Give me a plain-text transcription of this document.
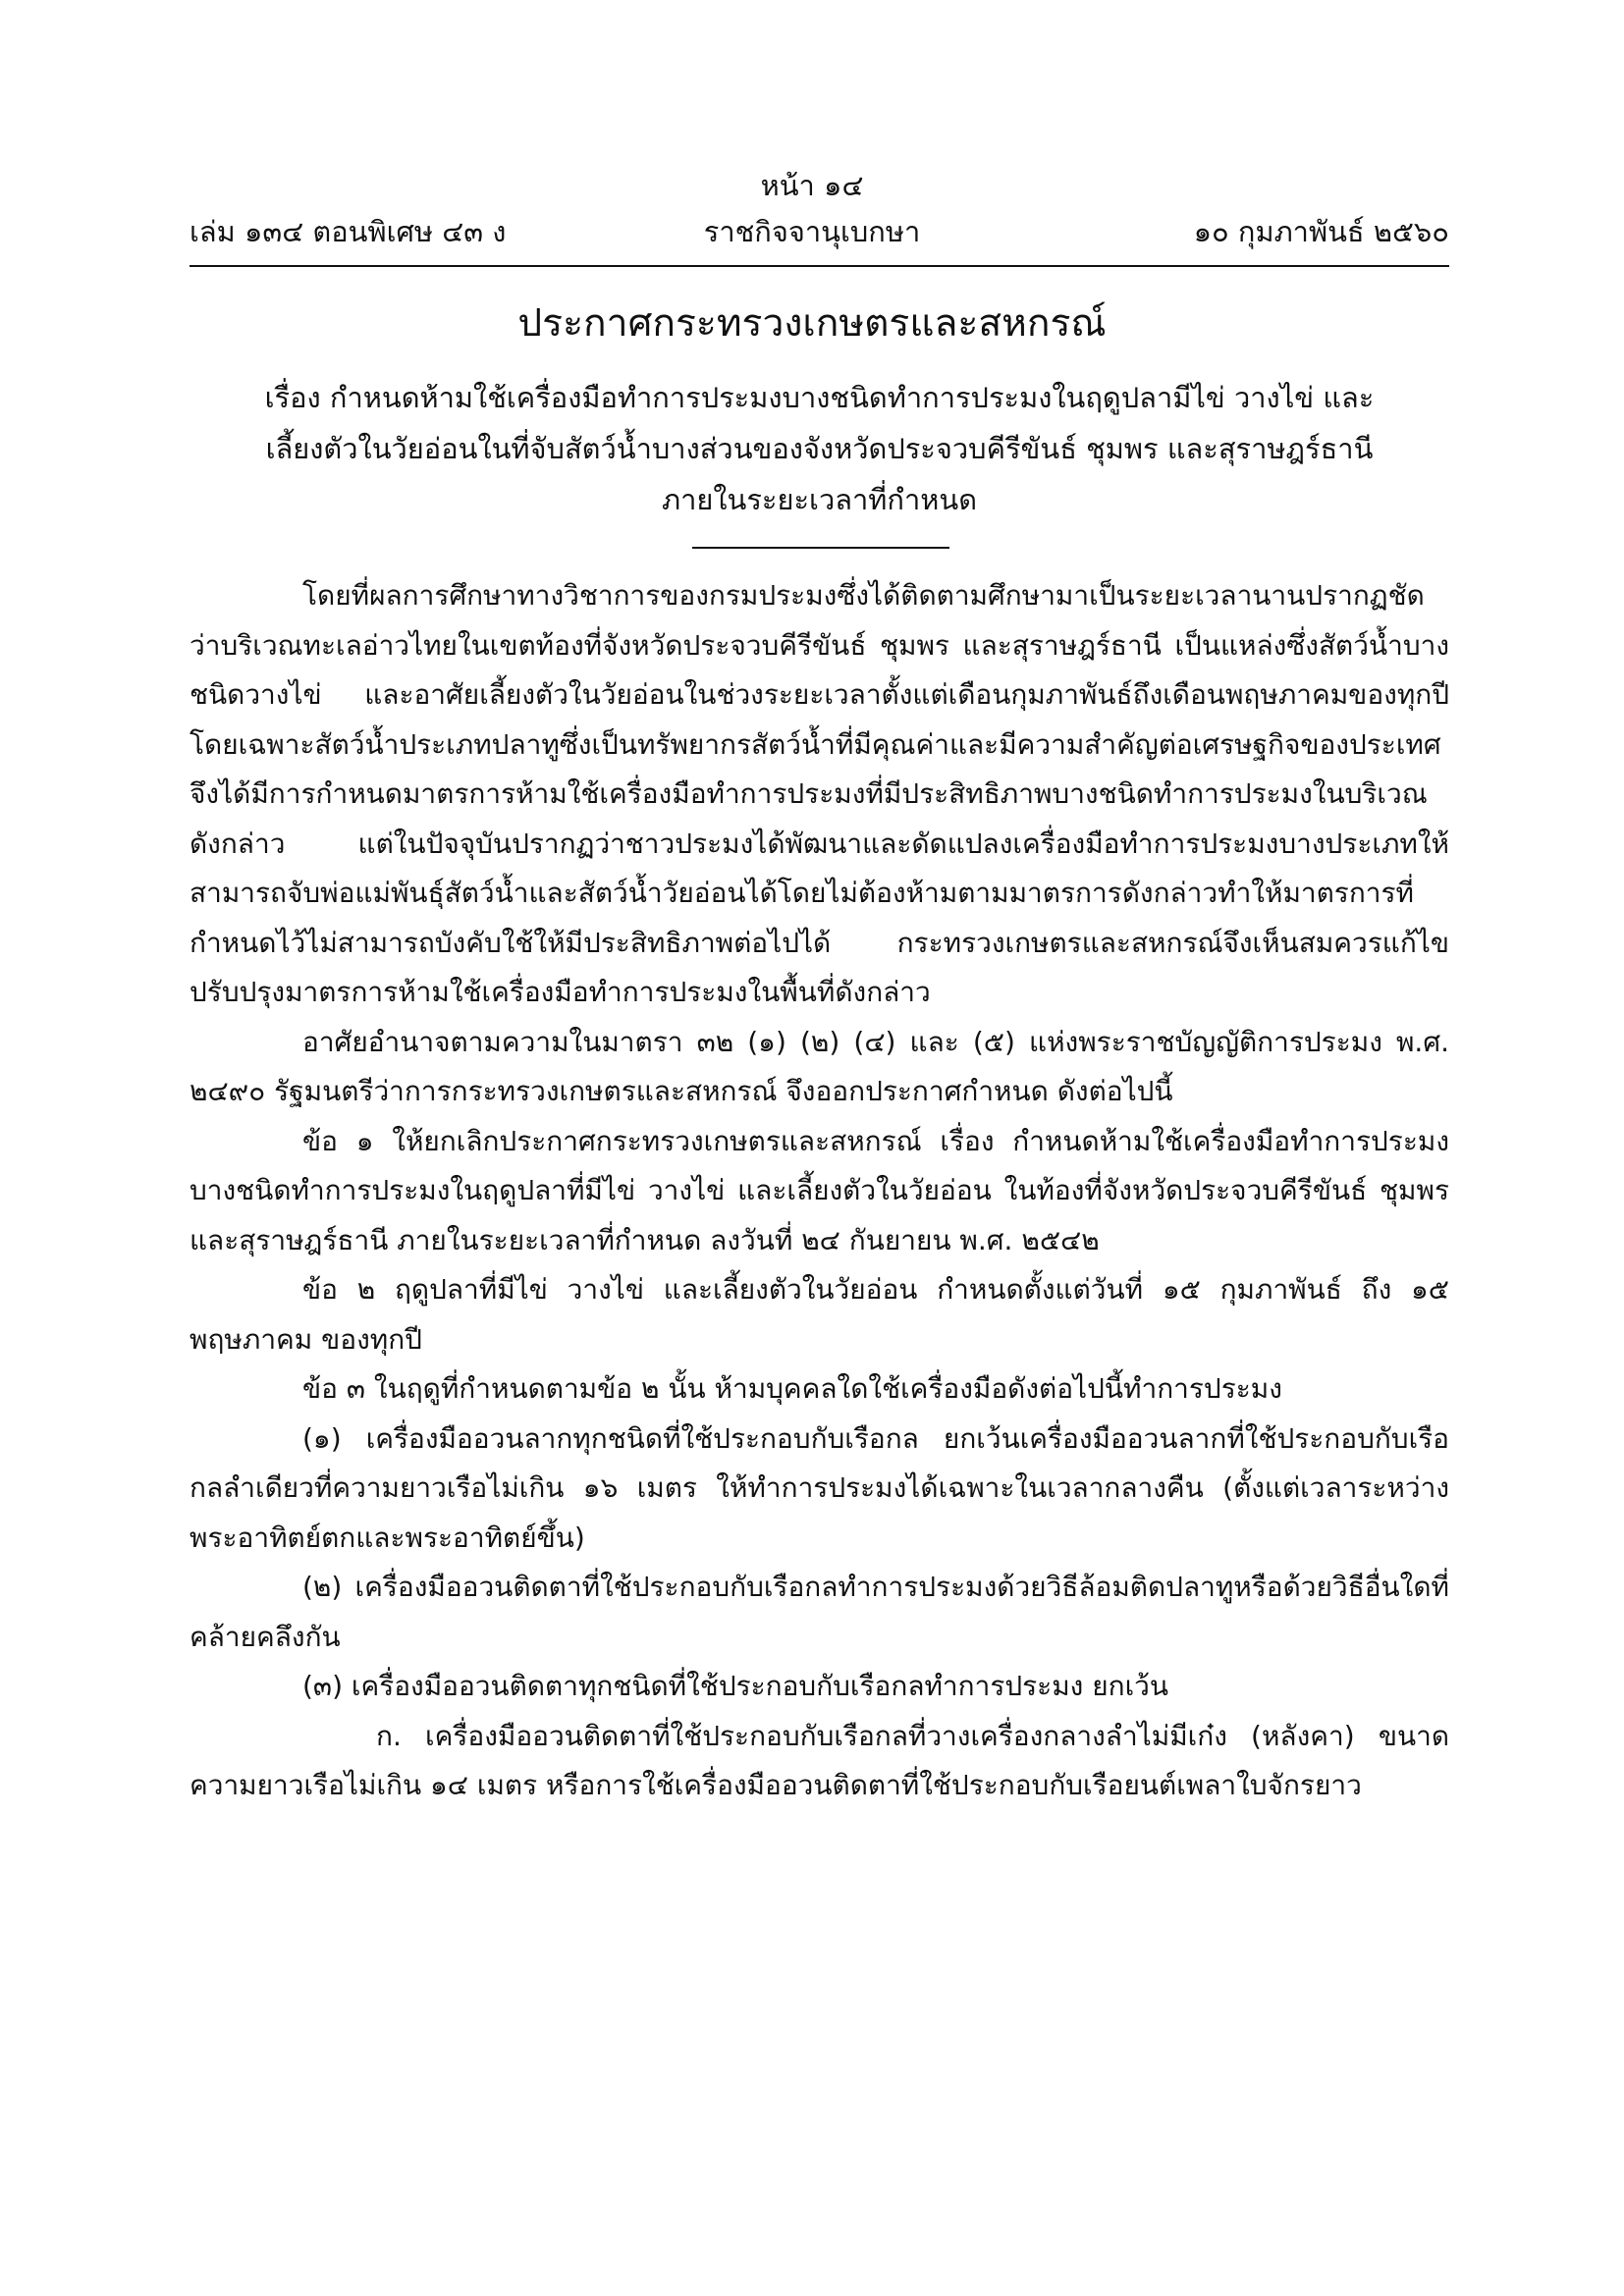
หน้า ๑๔
เล่ม ๑๓๔ ตอนพิเศษ ๔๓ ง	ราชกิจจานุเบกษา	๑๐ กุมภาพันธ์ ๒๕๖๐
ประกาศกระทรวงเกษตรและสหกรณ์
เรื่อง กำหนดห้ามใช้เครื่องมือทำการประมงบางชนิดทำการประมงในฤดูปลามีไข่ วางไข่ และ
เลี้ยงตัวในวัยอ่อนในที่จับสัตว์น้ำบางส่วนของจังหวัดประจวบคีรีขันธ์ ชุมพร และสุราษฎร์ธานี
ภายในระยะเวลาที่กำหนด

โดยที่ผลการศึกษาทางวิชาการของกรมประมงซึ่งได้ติดตามศึกษามาเป็นระยะเวลานานปรากฏชัดว่าบริเวณทะเลอ่าวไทยในเขตท้องที่จังหวัดประจวบคีรีขันธ์ ชุมพร และสุราษฎร์ธานี เป็นแหล่งซึ่งสัตว์น้ำบางชนิดวางไข่ และอาศัยเลี้ยงตัวในวัยอ่อนในช่วงระยะเวลาตั้งแต่เดือนกุมภาพันธ์ถึงเดือนพฤษภาคมของทุกปี โดยเฉพาะสัตว์น้ำประเภทปลาทูซึ่งเป็นทรัพยากรสัตว์น้ำที่มีคุณค่าและมีความสำคัญต่อเศรษฐกิจของประเทศ จึงได้มีการกำหนดมาตรการห้ามใช้เครื่องมือทำการประมงที่มีประสิทธิภาพบางชนิดทำการประมงในบริเวณดังกล่าว แต่ในปัจจุบันปรากฏว่าชาวประมงได้พัฒนาและดัดแปลงเครื่องมือทำการประมงบางประเภทให้สามารถจับพ่อแม่พันธุ์สัตว์น้ำและสัตว์น้ำวัยอ่อนได้โดยไม่ต้องห้ามตามมาตรการดังกล่าวทำให้มาตรการที่กำหนดไว้ไม่สามารถบังคับใช้ให้มีประสิทธิภาพต่อไปได้ กระทรวงเกษตรและสหกรณ์จึงเห็นสมควรแก้ไขปรับปรุงมาตรการห้ามใช้เครื่องมือทำการประมงในพื้นที่ดังกล่าว

อาศัยอำนาจตามความในมาตรา ๓๒ (๑) (๒) (๔) และ (๕) แห่งพระราชบัญญัติการประมง พ.ศ. ๒๔๙๐ รัฐมนตรีว่าการกระทรวงเกษตรและสหกรณ์ จึงออกประกาศกำหนด ดังต่อไปนี้

ข้อ ๑ ให้ยกเลิกประกาศกระทรวงเกษตรและสหกรณ์ เรื่อง กำหนดห้ามใช้เครื่องมือทำการประมงบางชนิดทำการประมงในฤดูปลาที่มีไข่ วางไข่ และเลี้ยงตัวในวัยอ่อน ในท้องที่จังหวัดประจวบคีรีขันธ์ ชุมพร และสุราษฎร์ธานี ภายในระยะเวลาที่กำหนด ลงวันที่ ๒๔ กันยายน พ.ศ. ๒๕๔๒

ข้อ ๒ ฤดูปลาที่มีไข่ วางไข่ และเลี้ยงตัวในวัยอ่อน กำหนดตั้งแต่วันที่ ๑๕ กุมภาพันธ์ ถึง ๑๕ พฤษภาคม ของทุกปี

ข้อ ๓ ในฤดูที่กำหนดตามข้อ ๒ นั้น ห้ามบุคคลใดใช้เครื่องมือดังต่อไปนี้ทำการประมง

(๑) เครื่องมืออวนลากทุกชนิดที่ใช้ประกอบกับเรือกล ยกเว้นเครื่องมืออวนลากที่ใช้ประกอบกับเรือกลลำเดียวที่ความยาวเรือไม่เกิน ๑๖ เมตร ให้ทำการประมงได้เฉพาะในเวลากลางคืน (ตั้งแต่เวลาระหว่างพระอาทิตย์ตกและพระอาทิตย์ขึ้น)

(๒) เครื่องมืออวนติดตาที่ใช้ประกอบกับเรือกลทำการประมงด้วยวิธีล้อมติดปลาทูหรือด้วยวิธีอื่นใดที่คล้ายคลึงกัน

(๓) เครื่องมืออวนติดตาทุกชนิดที่ใช้ประกอบกับเรือกลทำการประมง ยกเว้น

ก. เครื่องมืออวนติดตาที่ใช้ประกอบกับเรือกลที่วางเครื่องกลางลำไม่มีเก๋ง (หลังคา) ขนาดความยาวเรือไม่เกิน ๑๔ เมตร หรือการใช้เครื่องมืออวนติดตาที่ใช้ประกอบกับเรือยนต์เพลาใบจักรยาว
